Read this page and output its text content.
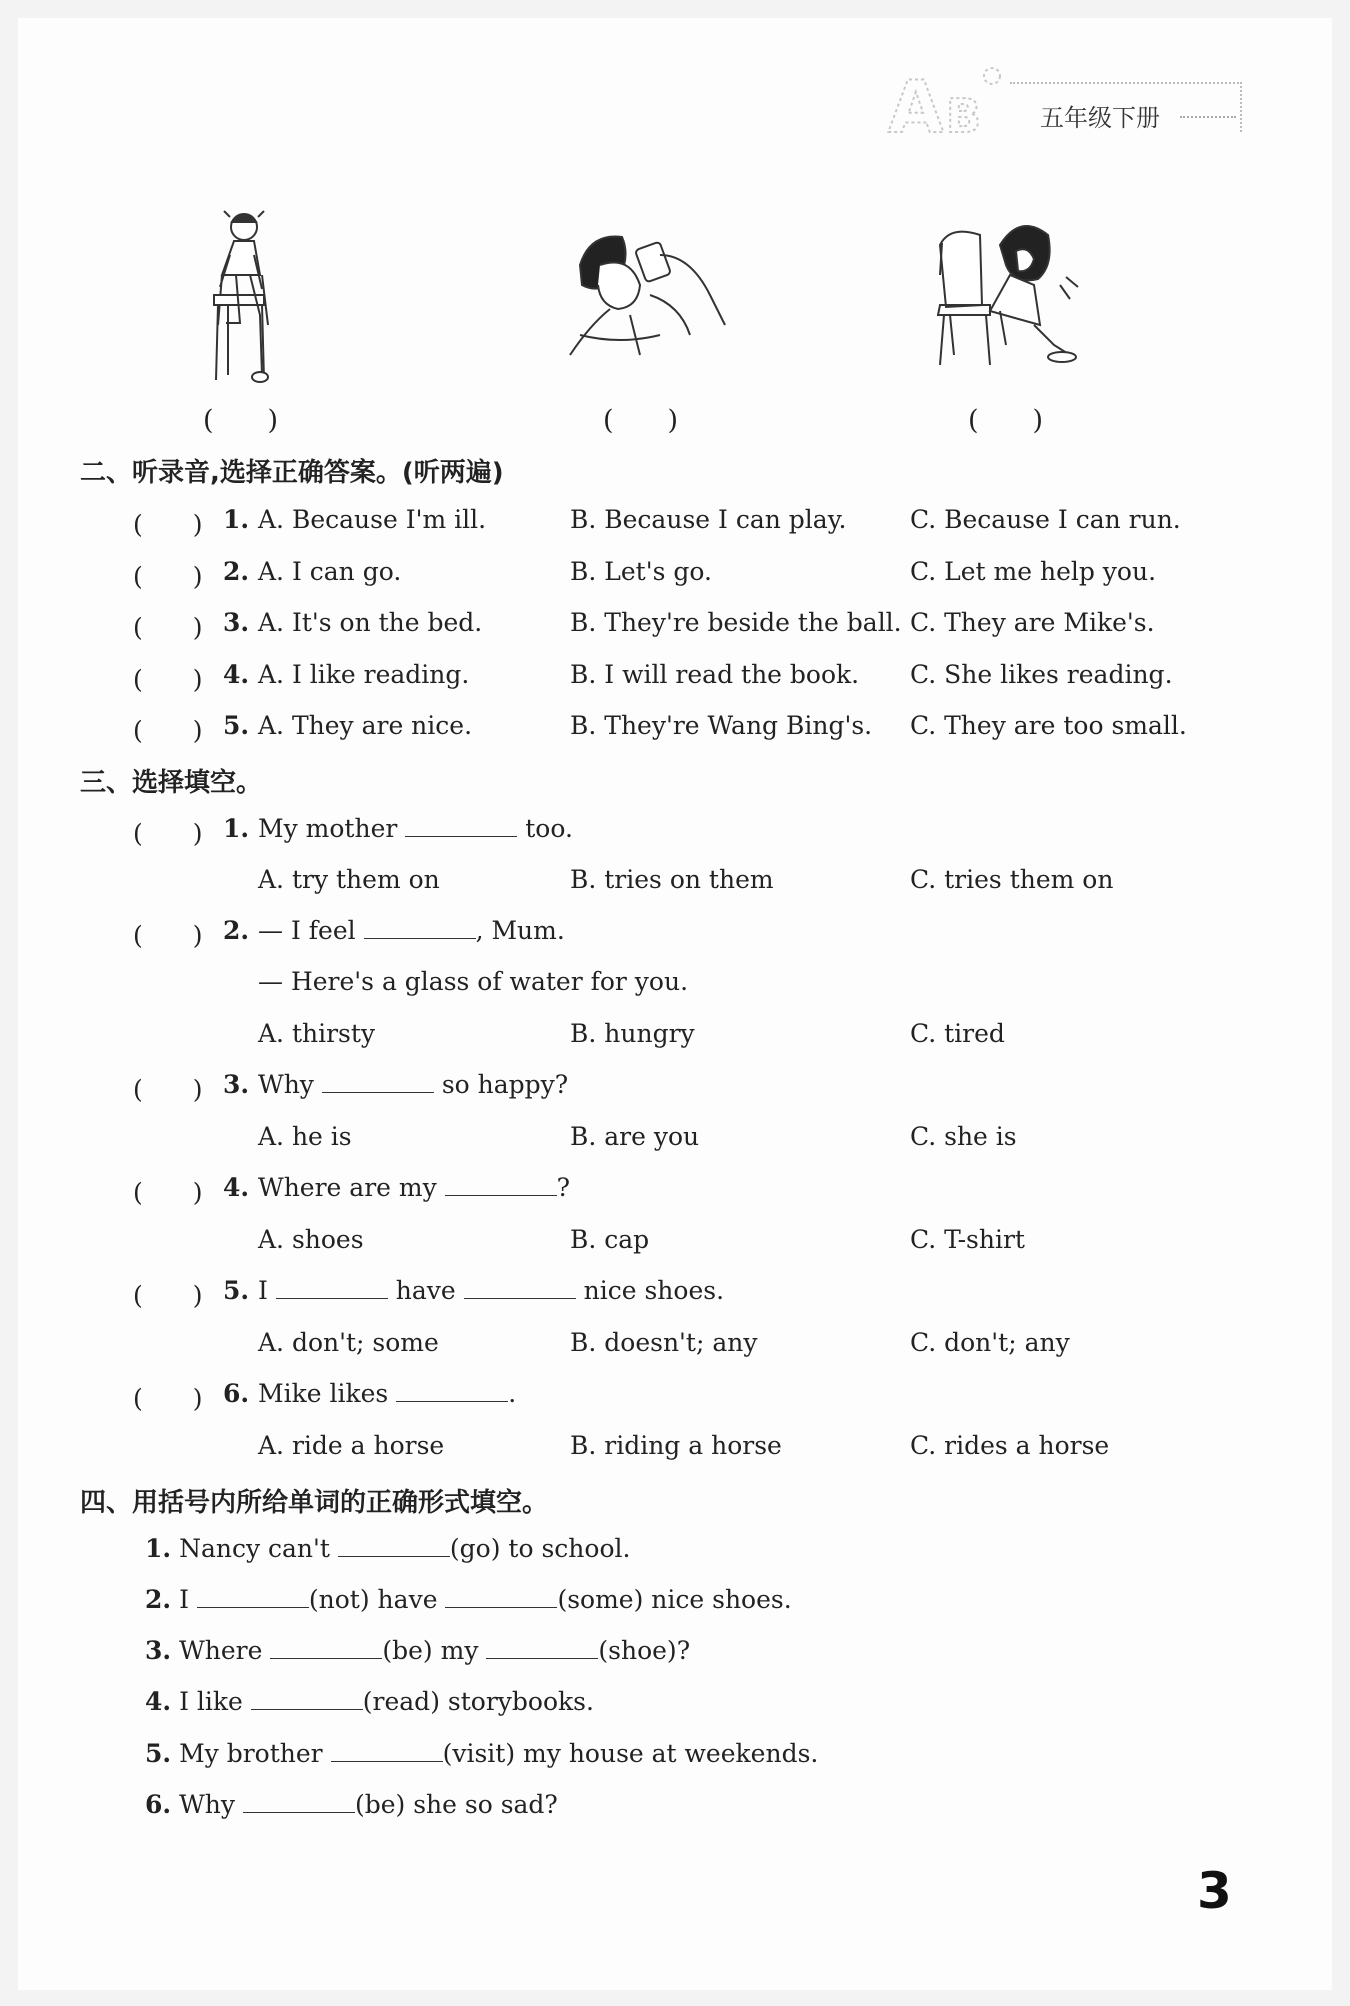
A B 五年级下册
(　　)	(　　)	(　　)
二、听录音,选择正确答案。(听两遍)
(　　) 1. A. Because I'm ill.	B. Because I can play.	C. Because I can run.
(　　) 2. A. I can go.	B. Let's go.	C. Let me help you.
(　　) 3. A. It's on the bed.	B. They're beside the ball. C. They are Mike's.
(　　) 4. A. I like reading.	B. I will read the book. C. She likes reading.
(　　) 5. A. They are nice.	B. They're Wang Bing's. C. They are too small.
三、选择填空。
(　　) 1. My mother	too.
A. try them on	B. tries on them	C. tries them on
(　　) 2. — I feel	, Mum.
— Here's a glass of water for you.
A. thirsty	B. hungry	C. tired
(　　) 3. Why	so happy?
A. he is	B. are you	C. she is
(　　) 4. Where are my	?
A. shoes	B. cap	C. T-shirt
(　　) 5. I	have	nice shoes.
A. don't; some	B. doesn't; any	C. don't; any
(　　) 6. Mike likes	.
A. ride a horse	B. riding a horse	C. rides a horse
四、用括号内所给单词的正确形式填空。
1. Nancy can't	(go) to school.
2. I	(not) have	(some) nice shoes.
3. Where	(be) my	(shoe)?
4. I like	(read) storybooks.
5. My brother	(visit) my house at weekends.
6. Why	(be) she so sad?
3
